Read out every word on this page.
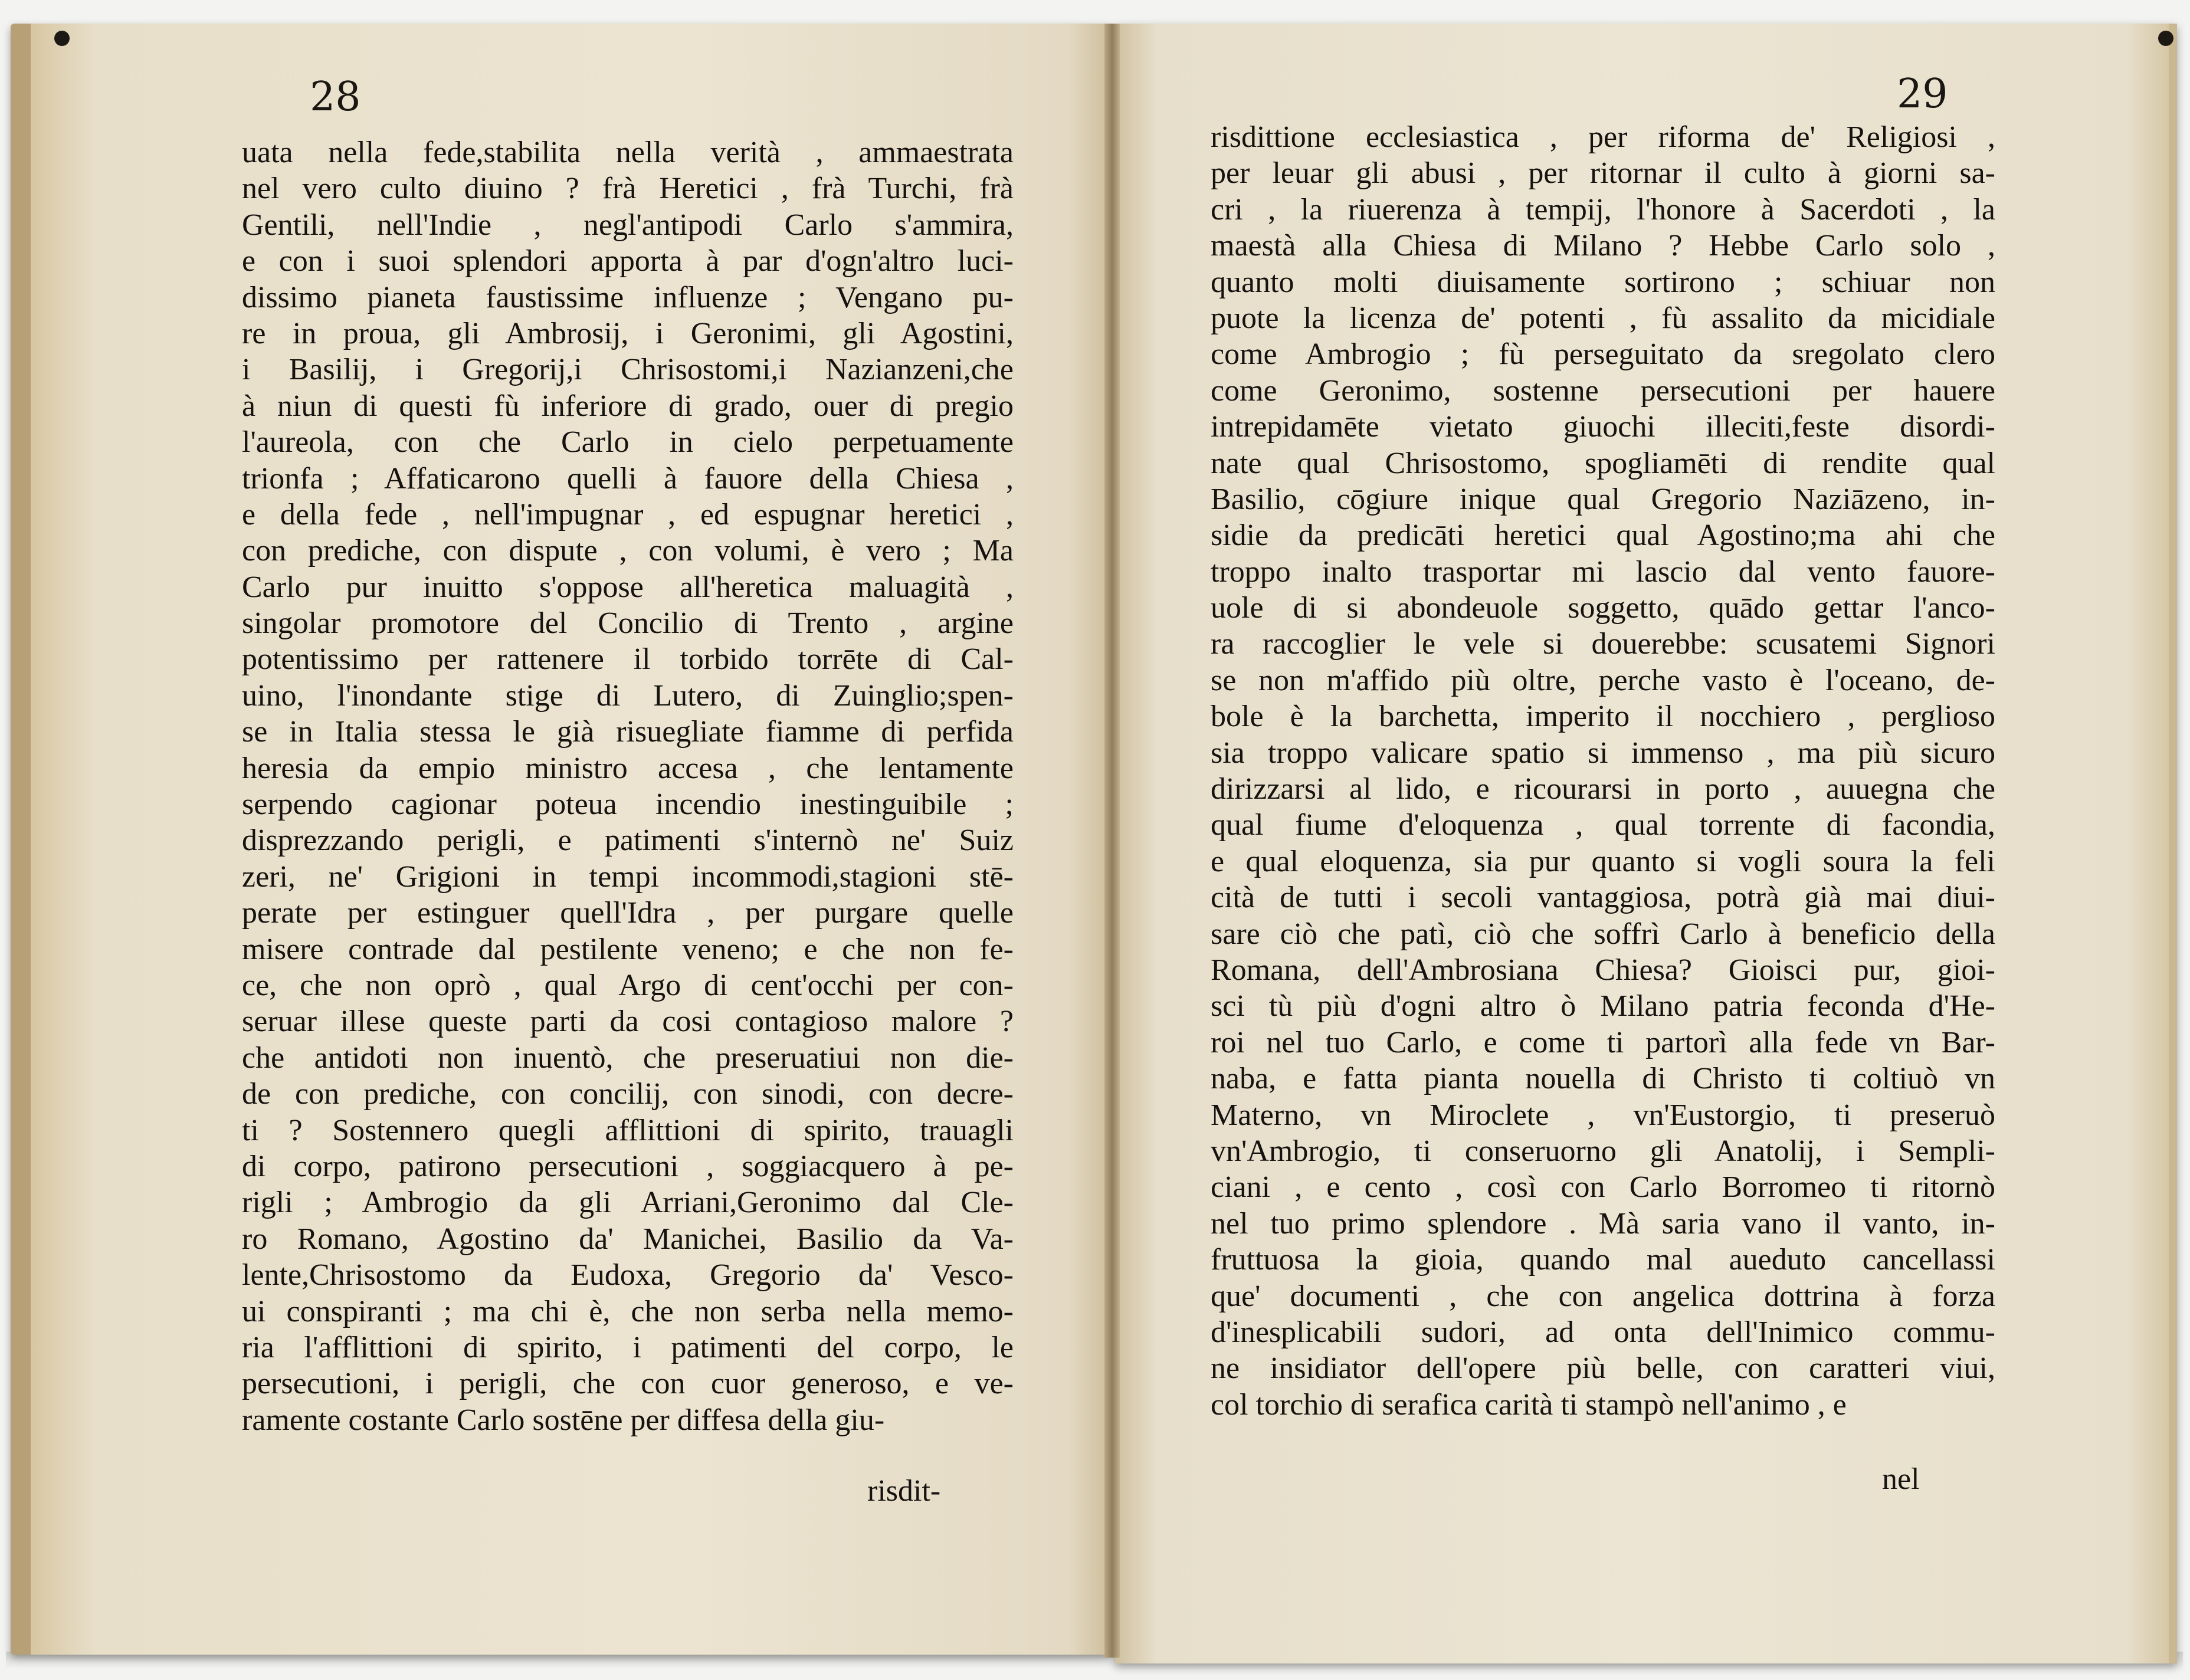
28	29
uata nella fede,stabilita nella verità , ammaestrata
nel vero culto diuino ? frà Heretici , frà Turchi, frà
Gentili, nell'Indie , negl'antipodi Carlo s'ammira,
e con i suoi splendori apporta à par d'ogn'altro luci-
dissimo pianeta faustissime influenze ; Vengano pu-
re in proua, gli Ambrosij, i Geronimi, gli Agostini,
i Basilij, i Gregorij,i Chrisostomi,i Nazianzeni,che
à niun di questi fù inferiore di grado, ouer di pregio
l'aureola, con che Carlo in cielo perpetuamente
trionfa ; Affaticarono quelli à fauore della Chiesa ,
e della fede , nell'impugnar , ed espugnar heretici ,
con prediche, con dispute , con volumi, è vero ; Ma
Carlo pur inuitto s'oppose all'heretica maluagità ,
singolar promotore del Concilio di Trento , argine
potentissimo per rattenere il torbido torrēte di Cal-
uino, l'inondante stige di Lutero, di Zuinglio;spen-
se in Italia stessa le già risuegliate fiamme di perfida
heresia da empio ministro accesa , che lentamente
serpendo cagionar poteua incendio inestinguibile ;
disprezzando perigli, e patimenti s'internò ne' Suiz
zeri, ne' Grigioni in tempi incommodi,stagioni stē-
perate per estinguer quell'Idra , per purgare quelle
misere contrade dal pestilente veneno; e che non fe-
ce, che non oprò , qual Argo di cent'occhi per con-
seruar illese queste parti da cosi contagioso malore ?
che antidoti non inuentò, che preseruatiui non die-
de con prediche, con concilij, con sinodi, con decre-
ti ? Sostennero quegli afflittioni di spirito, trauagli
di corpo, patirono persecutioni , soggiacquero à pe-
rigli ; Ambrogio da gli Arriani,Geronimo dal Cle-
ro Romano, Agostino da' Manichei, Basilio da Va-
lente,Chrisostomo da Eudoxa, Gregorio da' Vesco-
ui conspiranti ; ma chi è, che non serba nella memo-
ria l'afflittioni di spirito, i patimenti del corpo, le
persecutioni, i perigli, che con cuor generoso, e ve-
ramente costante Carlo sostēne per diffesa della giu-
risdittione ecclesiastica , per riforma de' Religiosi ,
per leuar gli abusi , per ritornar il culto à giorni sa-
cri , la riuerenza à tempij, l'honore à Sacerdoti , la
maestà alla Chiesa di Milano ? Hebbe Carlo solo ,
quanto molti diuisamente sortirono ; schiuar non
puote la licenza de' potenti , fù assalito da micidiale
come Ambrogio ; fù perseguitato da sregolato clero
come Geronimo, sostenne persecutioni per hauere
intrepidamēte vietato giuochi illeciti,feste disordi-
nate qual Chrisostomo, spogliamēti di rendite qual
Basilio, cōgiure inique qual Gregorio Naziāzeno, in-
sidie da predicāti heretici qual Agostino;ma ahi che
troppo inalto trasportar mi lascio dal vento fauore-
uole di si abondeuole soggetto, quādo gettar l'anco-
ra raccoglier le vele si douerebbe: scusatemi Signori
se non m'affido più oltre, perche vasto è l'oceano, de-
bole è la barchetta, imperito il nocchiero , perglioso
sia troppo valicare spatio si immenso , ma più sicuro
dirizzarsi al lido, e ricourarsi in porto , auuegna che
qual fiume d'eloquenza , qual torrente di facondia,
e qual eloquenza, sia pur quanto si vogli soura la feli
cità de tutti i secoli vantaggiosa, potrà già mai diui-
sare ciò che patì, ciò che soffrì Carlo à beneficio della
Romana, dell'Ambrosiana Chiesa? Gioisci pur, gioi-
sci tù più d'ogni altro ò Milano patria feconda d'He-
roi nel tuo Carlo, e come ti partorì alla fede vn Bar-
naba, e fatta pianta nouella di Christo ti coltiuò vn
Materno, vn Miroclete , vn'Eustorgio, ti preseruò
vn'Ambrogio, ti conseruorno gli Anatolij, i Sempli-
ciani , e cento , così con Carlo Borromeo ti ritornò
nel tuo primo splendore . Mà saria vano il vanto, in-
fruttuosa la gioia, quando mal aueduto cancellassi
que' documenti , che con angelica dottrina à forza
d'inesplicabili sudori, ad onta dell'Inimico commu-
ne insidiator dell'opere più belle, con caratteri viui,
col torchio di serafica carità ti stampò nell'animo , e
risdit-	nel
